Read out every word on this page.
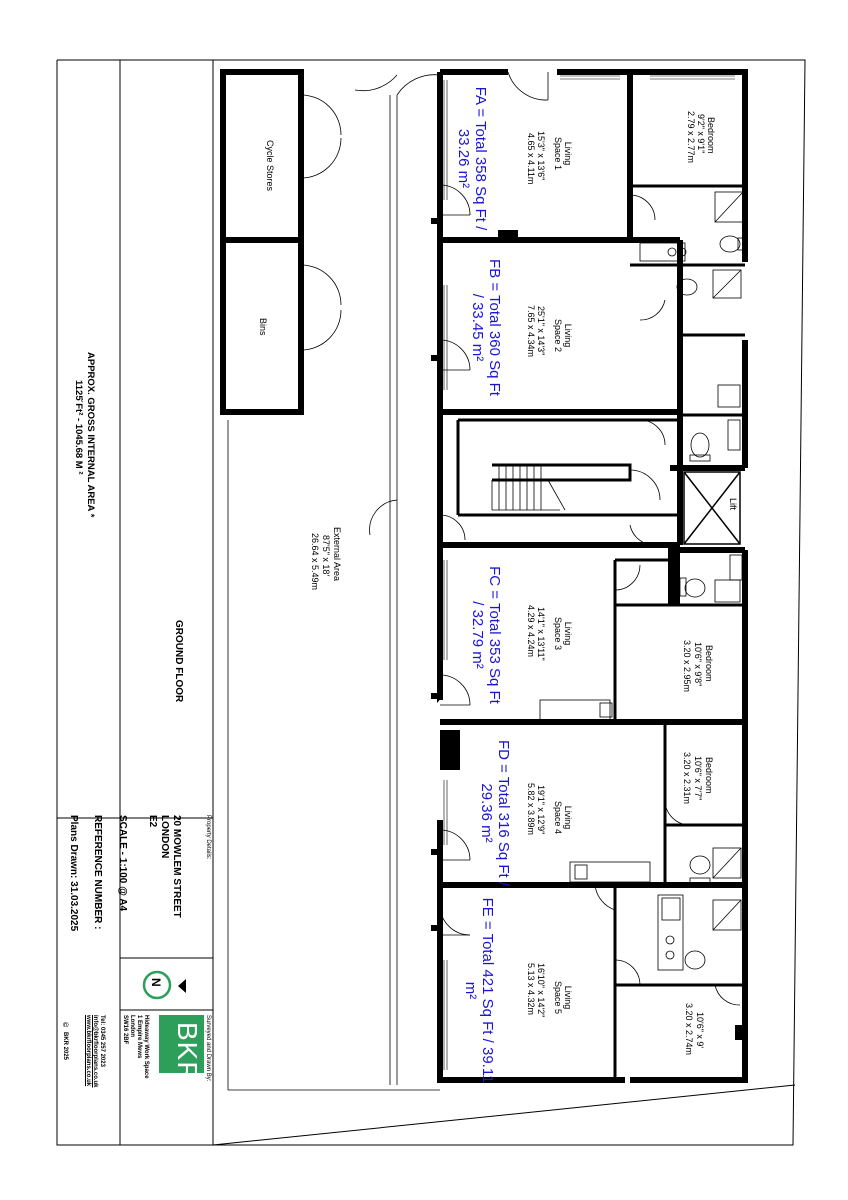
GROUND FLOOR
APPROX. GROSS INTERNAL AREA *
1125̆ Ft² - 1045.68 M ²
External Area
87'5" x 18'
26.64 x 5.49m
Cycle Stores
Bins
Lift
FA = Total 358 Sq Ft / 33.26 m²	Living Space 1
15'3" x 13'6"
4.65 x 4.11m	Bedroom
9'2" x 9'1"
2.79 x 2.77m
FB = Total 360 Sq Ft / 33.45 m²	Living Space 2
25'1" x 14'3"
7.65 x 4.34m
FC = Total 353 Sq Ft / 32.79 m²	Living Space 3
14'1" x 13'11"
4.29 x 4.24m
Bedroom
10'6" x 9'8"
3.20 x 2.95m
FD = Total 316 Sq Ft / 29.36 m²	Living Space 4
19'1" x 12'9"
5.82 x 3.89m
Bedroom
10'6" x 7'7"
3.20 x 2.31m
FE = Total 421 Sq Ft / 39.11 m²	Living Space 5
16'10" x 14'2"
5.13 x 4.32m
10'6" x 9'
3.20 x 2.74m
Property Details:
20 MOWLEM STREET
LONDON
E2
SCALE - 1:100 @ A4
REFERENCE NUMBER :
Plans Drawn: 31.03.2025
Surveyed and Drawn By:
BKR
N
Hideaway Work Space
1 Empire Mews
London
SW16 2BF
Tel: 0345 257 2023
info@bkrfloorplans.co.uk
www.bkrfloorplans.co.uk
©
BKR 2025
